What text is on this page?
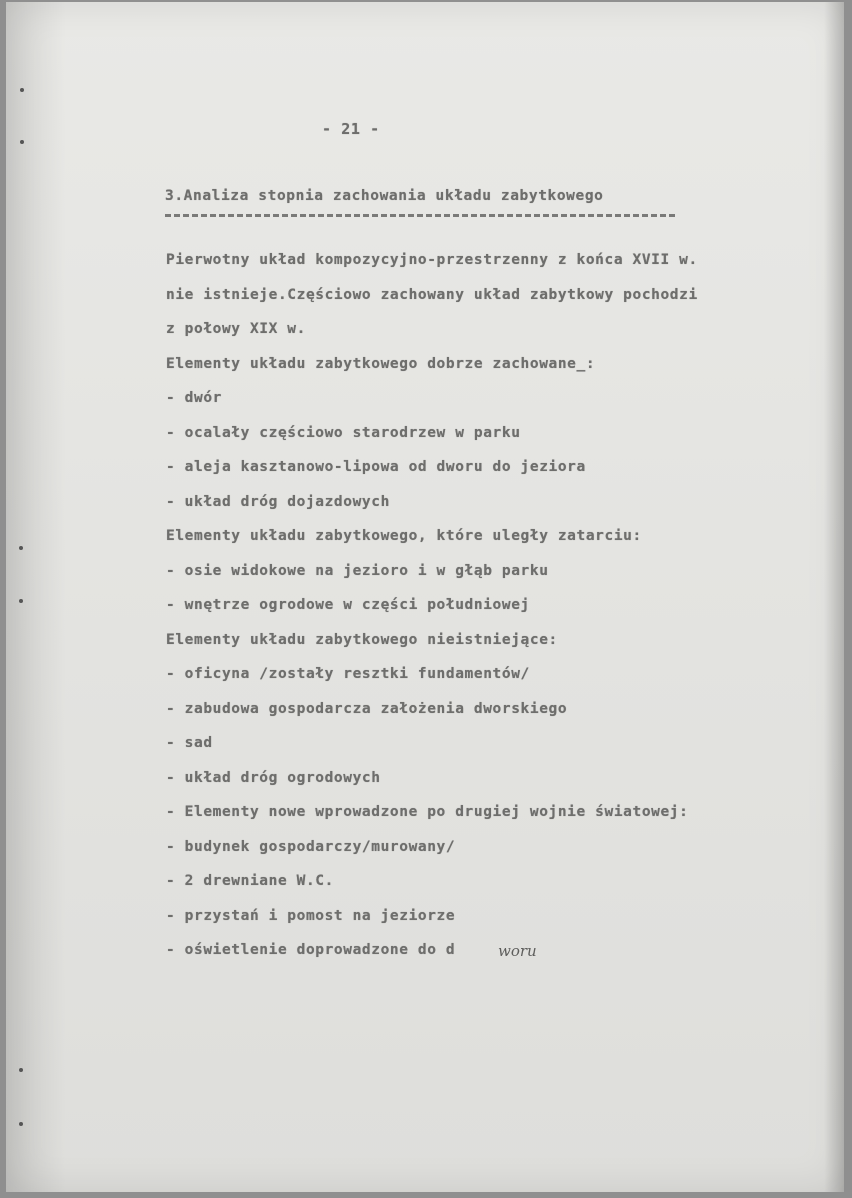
- 21 -
3.Analiza stopnia zachowania układu zabytkowego
Pierwotny układ kompozycyjno-przestrzenny z końca XVII w.
nie istnieje.Częściowo zachowany układ zabytkowy pochodzi
z połowy XIX w.
Elementy układu zabytkowego dobrze zachowane_:
- dwór
- ocalały częściowo starodrzew w parku
- aleja kasztanowo-lipowa od dworu do jeziora
- układ dróg dojazdowych
Elementy układu zabytkowego, które uległy zatarciu:
- osie widokowe na jezioro i w głąb parku
- wnętrze ogrodowe w części południowej
Elementy układu zabytkowego nieistniejące:
- oficyna /zostały resztki fundamentów/
- zabudowa gospodarcza założenia dworskiego
- sad
- układ dróg ogrodowych
- Elementy nowe wprowadzone po drugiej wojnie światowej:
- budynek gospodarczy/murowany/
- 2 drewniane W.C.
- przystań i pomost na jeziorze
- oświetlenie doprowadzone do d	woru
